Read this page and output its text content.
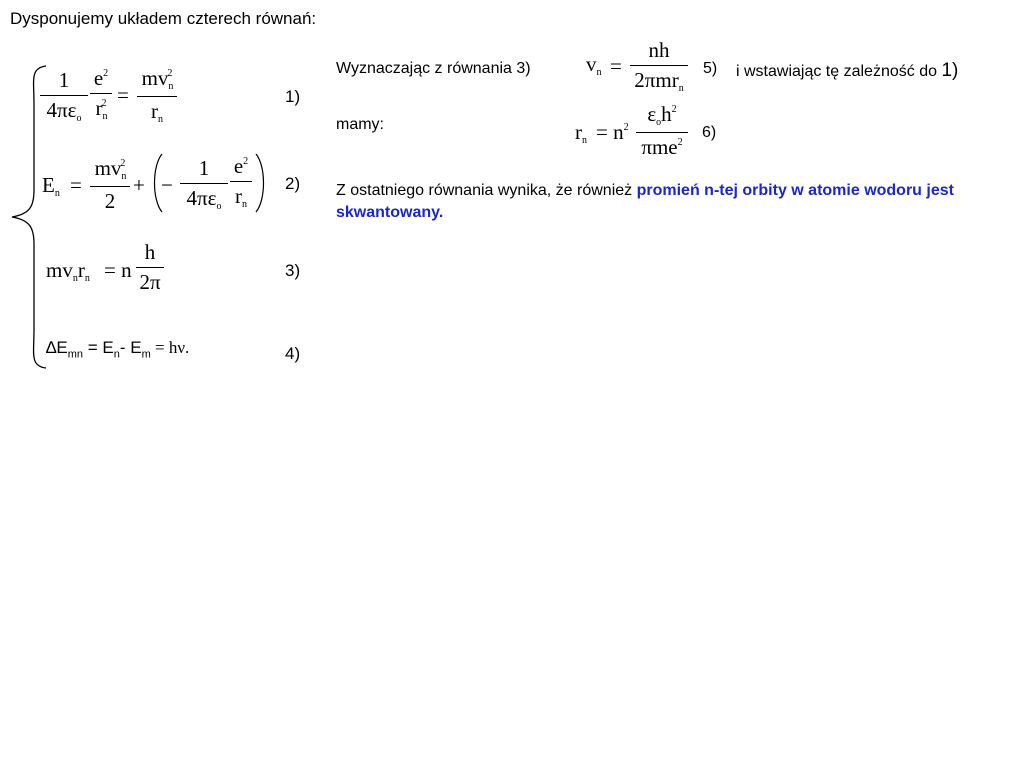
Dysponujemy układem czterech równań:
1
$4\pi\varepsilon_o$
$e^2$
$r_n^2$ =
$mv_n^2$
$r_n$
1)
$E_n$ =
$mv_n^2$
2
+ −
1
$4\pi\varepsilon_o$
$e^2$
$r_n$
2)
$mv_nr_n = n$
h
2π	3)
$\Delta E_{mn} = E_n-$ $E_m = h\nu$.	4)
Wyznaczając z równania 3)	$v_n$ =
nh
2πmr$_n$
5) i wstawiając tę zależność do 1)
mamy:	$r_n = n^2$
$\varepsilon_oh^2$
πme$^2$
6)
Z ostatniego równania wynika, że również promień n-tej orbity w atomie wodoru jest skwantowany.
